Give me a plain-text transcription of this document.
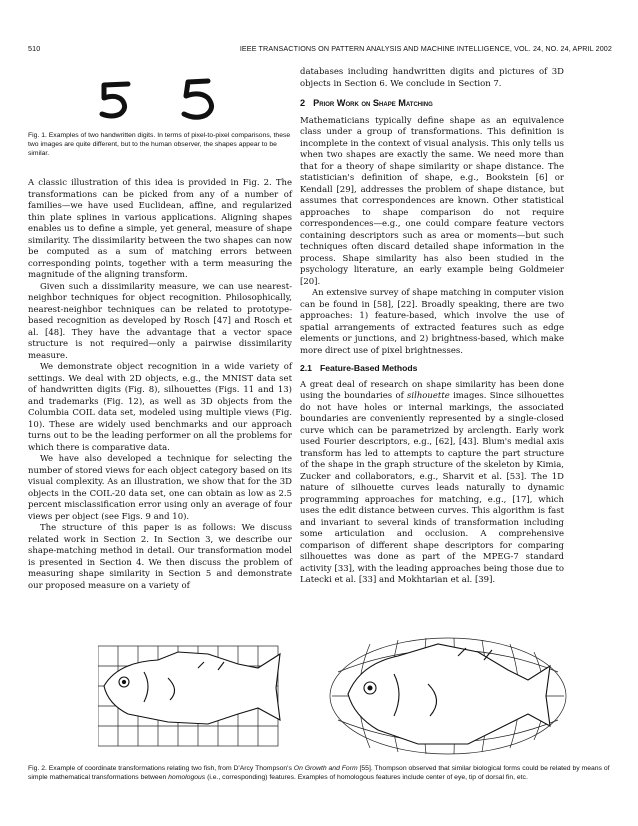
510	IEEE TRANSACTIONS ON PATTERN ANALYSIS AND MACHINE INTELLIGENCE, VOL. 24, NO. 24, APRIL 2002

Fig. 1. Examples of two handwritten digits. In terms of pixel-to-pixel comparisons, these two images are quite different, but to the human observer, the shapes appear to be similar.

A classic illustration of this idea is provided in Fig. 2. The transformations can be picked from any of a number of families—we have used Euclidean, affine, and regularized thin plate splines in various applications. Aligning shapes enables us to define a simple, yet general, measure of shape similarity. The dissimilarity between the two shapes can now be computed as a sum of matching errors between corresponding points, together with a term measuring the magnitude of the aligning transform.

Given such a dissimilarity measure, we can use nearest-neighbor techniques for object recognition. Philosophically, nearest-neighbor techniques can be related to prototype-based recognition as developed by Rosch [47] and Rosch et al. [48]. They have the advantage that a vector space structure is not required—only a pairwise dissimilarity measure.

We demonstrate object recognition in a wide variety of settings. We deal with 2D objects, e.g., the MNIST data set of handwritten digits (Fig. 8), silhouettes (Figs. 11 and 13) and trademarks (Fig. 12), as well as 3D objects from the Columbia COIL data set, modeled using multiple views (Fig. 10). These are widely used benchmarks and our approach turns out to be the leading performer on all the problems for which there is comparative data.

We have also developed a technique for selecting the number of stored views for each object category based on its visual complexity. As an illustration, we show that for the 3D objects in the COIL-20 data set, one can obtain as low as 2.5 percent misclassification error using only an average of four views per object (see Figs. 9 and 10).

The structure of this paper is as follows: We discuss related work in Section 2. In Section 3, we describe our shape-matching method in detail. Our transformation model is presented in Section 4. We then discuss the problem of measuring shape similarity in Section 5 and demonstrate our proposed measure on a variety of

databases including handwritten digits and pictures of 3D objects in Section 6. We conclude in Section 7.

2 Prior Work on Shape Matching

Mathematicians typically define shape as an equivalence class under a group of transformations. This definition is incomplete in the context of visual analysis. This only tells us when two shapes are exactly the same. We need more than that for a theory of shape similarity or shape distance. The statistician's definition of shape, e.g., Bookstein [6] or Kendall [29], addresses the problem of shape distance, but assumes that correspondences are known. Other statistical approaches to shape comparison do not require correspondences—e.g., one could compare feature vectors containing descriptors such as area or moments—but such techniques often discard detailed shape information in the process. Shape similarity has also been studied in the psychology literature, an early example being Goldmeier [20].

An extensive survey of shape matching in computer vision can be found in [58], [22]. Broadly speaking, there are two approaches: 1) feature-based, which involve the use of spatial arrangements of extracted features such as edge elements or junctions, and 2) brightness-based, which make more direct use of pixel brightnesses.

2.1 Feature-Based Methods

A great deal of research on shape similarity has been done using the boundaries of silhouette images. Since silhouettes do not have holes or internal markings, the associated boundaries are conveniently represented by a single-closed curve which can be parametrized by arclength. Early work used Fourier descriptors, e.g., [62], [43]. Blum's medial axis transform has led to attempts to capture the part structure of the shape in the graph structure of the skeleton by Kimia, Zucker and collaborators, e.g., Sharvit et al. [53]. The 1D nature of silhouette curves leads naturally to dynamic programming approaches for matching, e.g., [17], which uses the edit distance between curves. This algorithm is fast and invariant to several kinds of transformation including some articulation and occlusion. A comprehensive comparison of different shape descriptors for comparing silhouettes was done as part of the MPEG-7 standard activity [33], with the leading approaches being those due to Latecki et al. [33] and Mokhtarian et al. [39].

Fig. 2. Example of coordinate transformations relating two fish, from D'Arcy Thompson's On Growth and Form [55]. Thompson observed that similar biological forms could be related by means of simple mathematical transformations between homologous (i.e., corresponding) features. Examples of homologous features include center of eye, tip of dorsal fin, etc.
